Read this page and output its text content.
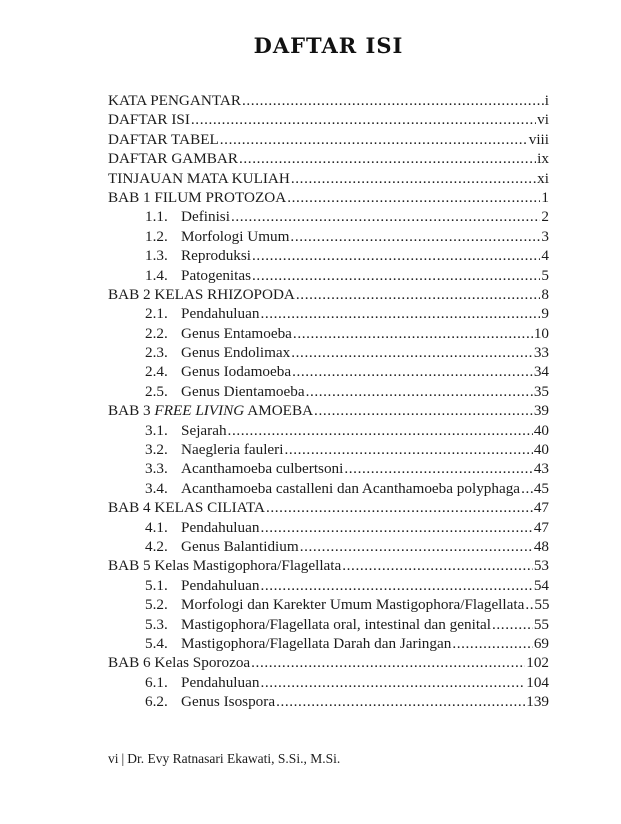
DAFTAR ISI
KATA PENGANTAR .....	i
DAFTAR ISI .....	vi
DAFTAR TABEL .....	viii
DAFTAR GAMBAR .....	ix
TINJAUAN MATA KULIAH .....	xi
BAB 1 FILUM PROTOZOA .....	1
1.1. Definisi .....	2
1.2. Morfologi Umum .....	3
1.3. Reproduksi .....	4
1.4. Patogenitas .....	5
BAB 2 KELAS RHIZOPODA .....	8
2.1. Pendahuluan .....	9
2.2. Genus Entamoeba .....	10
2.3. Genus Endolimax .....	33
2.4. Genus Iodamoeba .....	34
2.5. Genus Dientamoeba .....	35
BAB 3 FREE LIVING AMOEBA .....	39
3.1. Sejarah .....	40
3.2. Naegleria fauleri .....	40
3.3. Acanthamoeba culbertsoni .....	43
3.4. Acanthamoeba castalleni dan Acanthamoeba polyphaga ..... 45
BAB 4 KELAS CILIATA .....	47
4.1. Pendahuluan .....	47
4.2. Genus Balantidium .....	48
BAB 5 Kelas Mastigophora/Flagellata .....	53
5.1. Pendahuluan .....	54
5.2. Morfologi dan Karekter Umum Mastigophora/Flagellata ..... 55
5.3. Mastigophora/Flagellata oral, intestinal dan genital .....	55
5.4. Mastigophora/Flagellata Darah dan Jaringan .....	69
BAB 6 Kelas Sporozoa .....	102
6.1. Pendahuluan .....	104
6.2. Genus Isospora .....	139
vi | Dr. Evy Ratnasari Ekawati, S.Si., M.Si.
